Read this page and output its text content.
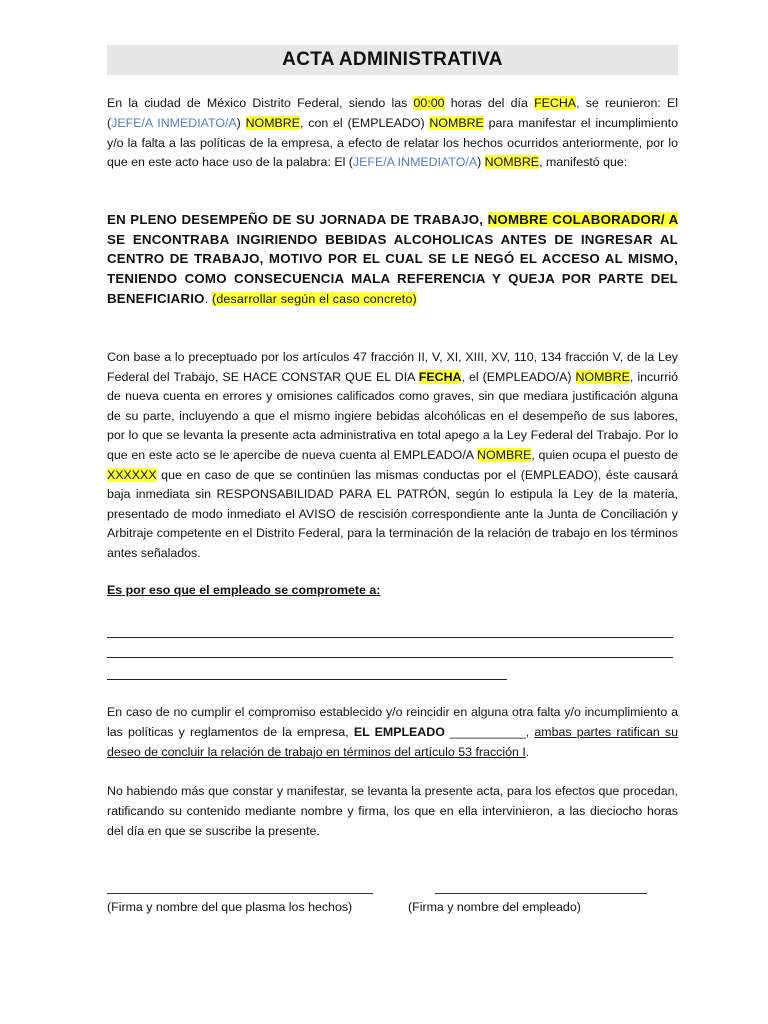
ACTA ADMINISTRATIVA

En la ciudad de México Distrito Federal, siendo las 00:00 horas del día FECHA, se reunieron: El (JEFE/A INMEDIATO/A) NOMBRE, con el (EMPLEADO) NOMBRE para manifestar el incumplimiento y/o la falta a las políticas de la empresa, a efecto de relatar los hechos ocurridos anteriormente, por lo que en este acto hace uso de la palabra: El (JEFE/A INMEDIATO/A) NOMBRE, manifestó que:

EN PLENO DESEMPEÑO DE SU JORNADA DE TRABAJO, NOMBRE COLABORADOR/ A SE ENCONTRABA INGIRIENDO BEBIDAS ALCOHOLICAS ANTES DE INGRESAR AL CENTRO DE TRABAJO, MOTIVO POR EL CUAL SE LE NEGÓ EL ACCESO AL MISMO, TENIENDO COMO CONSECUENCIA MALA REFERENCIA Y QUEJA POR PARTE DEL BENEFICIARIO. (desarrollar según el caso concreto)

Con base a lo preceptuado por los artículos 47 fracción II, V, XI, XIII, XV, 110, 134 fracción V, de la Ley Federal del Trabajo, SE HACE CONSTAR QUE EL DIA FECHA, el (EMPLEADO/A) NOMBRE, incurrió de nueva cuenta en errores y omisiones calificados como graves, sin que mediara justificación alguna de su parte, incluyendo a que el mismo ingiere bebidas alcohólicas en el desempeño de sus labores, por lo que se levanta la presente acta administrativa en total apego a la Ley Federal del Trabajo. Por lo que en este acto se le apercibe de nueva cuenta al EMPLEADO/A NOMBRE, quien ocupa el puesto de XXXXXX que en caso de que se continúen las mismas conductas por el (EMPLEADO), éste causará baja inmediata sin RESPONSABILIDAD PARA EL PATRÓN, según lo estipula la Ley de la materia, presentado de modo inmediato el AVISO de rescisión correspondiente ante la Junta de Conciliación y Arbitraje competente en el Distrito Federal, para la terminación de la relación de trabajo en los términos antes señalados.

Es por eso que el empleado se compromete a:

En caso de no cumplir el compromiso establecido y/o reincidir en alguna otra falta y/o incumplimiento a las políticas y reglamentos de la empresa, EL EMPLEADO ___________, ambas partes ratifican su deseo de concluir la relación de trabajo en términos del artículo 53 fracción I.

No habiendo más que constar y manifestar, se levanta la presente acta, para los efectos que procedan, ratificando su contenido mediante nombre y firma, los que en ella intervinieron, a las dieciocho horas del día en que se suscribe la presente.

(Firma y nombre del que plasma los hechos)	(Firma y nombre del empleado)
